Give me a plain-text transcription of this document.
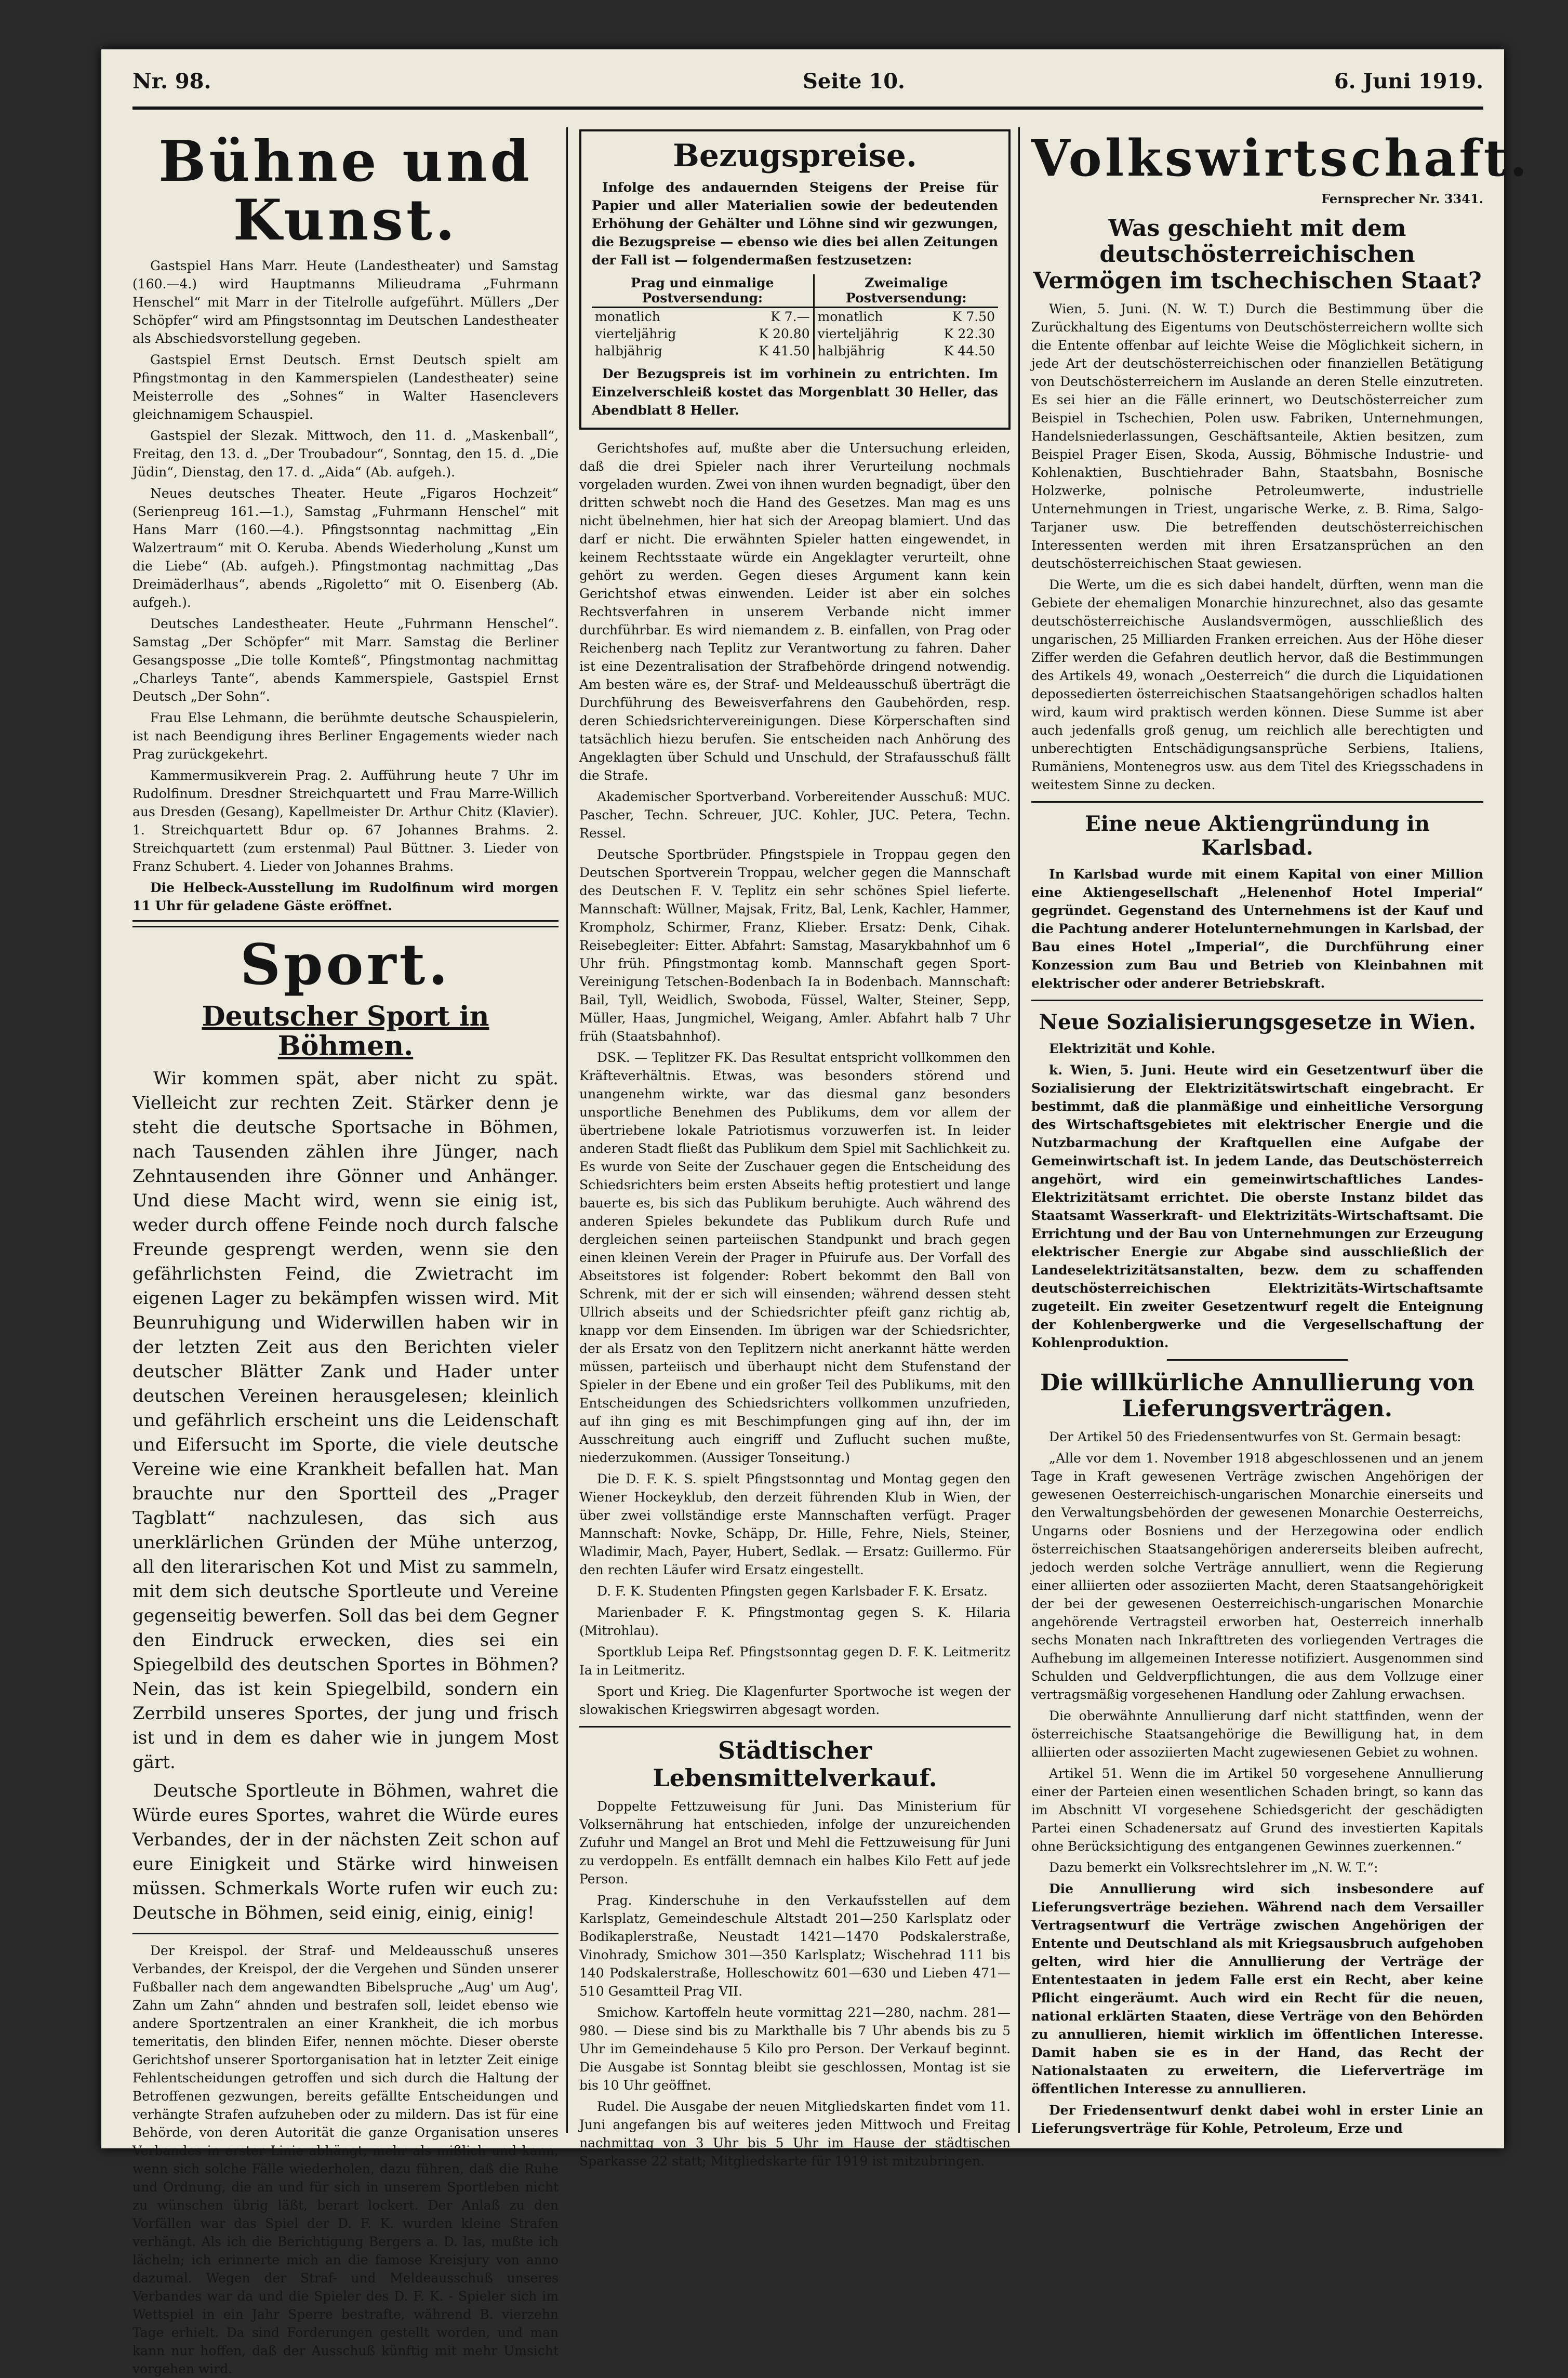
Nr. 98.	Seite 10.	6. Juni 1919.
Bühne und Kunst.

Gastspiel Hans Marr. Heute (Landestheater) und Samstag (160.—4.) wird Hauptmanns Milieudrama „Fuhrmann Henschel“ mit Marr in der Titelrolle aufgeführt. Müllers „Der Schöpfer“ wird am Pfingstsonntag im Deutschen Landestheater als Abschiedsvorstellung gegeben.

Gastspiel Ernst Deutsch. Ernst Deutsch spielt am Pfingstmontag in den Kammerspielen (Landestheater) seine Meisterrolle des „Sohnes“ in Walter Hasenclevers gleichnamigem Schauspiel.

Gastspiel der Slezak. Mittwoch, den 11. d. „Maskenball“, Freitag, den 13. d. „Der Troubadour“, Sonntag, den 15. d. „Die Jüdin“, Dienstag, den 17. d. „Aida“ (Ab. aufgeh.).

Neues deutsches Theater. Heute „Figaros Hochzeit“ (Serienpreug 161.—1.), Samstag „Fuhrmann Henschel“ mit Hans Marr (160.—4.). Pfingstsonntag nachmittag „Ein Walzertraum“ mit O. Keruba. Abends Wiederholung „Kunst um die Liebe“ (Ab. aufgeh.). Pfingstmontag nachmittag „Das Dreimäderlhaus“, abends „Rigoletto“ mit O. Eisenberg (Ab. aufgeh.).

Deutsches Landestheater. Heute „Fuhrmann Henschel“. Samstag „Der Schöpfer“ mit Marr. Samstag die Berliner Gesangsposse „Die tolle Komteß“, Pfingstmontag nachmittag „Charleys Tante“, abends Kammerspiele, Gastspiel Ernst Deutsch „Der Sohn“.

Frau Else Lehmann, die berühmte deutsche Schauspielerin, ist nach Beendigung ihres Berliner Engagements wieder nach Prag zurückgekehrt.

Kammermusikverein Prag. 2. Aufführung heute 7 Uhr im Rudolfinum. Dresdner Streichquartett und Frau Marre-Willich aus Dresden (Gesang), Kapellmeister Dr. Arthur Chitz (Klavier). 1. Streichquartett Bdur op. 67 Johannes Brahms. 2. Streichquartett (zum erstenmal) Paul Büttner. 3. Lieder von Franz Schubert. 4. Lieder von Johannes Brahms.

Die Helbeck-Ausstellung im Rudolfinum wird morgen 11 Uhr für geladene Gäste eröffnet.

Sport.
Deutscher Sport in Böhmen.

Wir kommen spät, aber nicht zu spät. Vielleicht zur rechten Zeit. Stärker denn je steht die deutsche Sportsache in Böhmen, nach Tausenden zählen ihre Jünger, nach Zehntausenden ihre Gönner und Anhänger. Und diese Macht wird, wenn sie einig ist, weder durch offene Feinde noch durch falsche Freunde gesprengt werden, wenn sie den gefährlichsten Feind, die Zwietracht im eigenen Lager zu bekämpfen wissen wird. Mit Beunruhigung und Widerwillen haben wir in der letzten Zeit aus den Berichten vieler deutscher Blätter Zank und Hader unter deutschen Vereinen herausgelesen; kleinlich und gefährlich erscheint uns die Leidenschaft und Eifersucht im Sporte, die viele deutsche Vereine wie eine Krankheit befallen hat. Man brauchte nur den Sportteil des „Prager Tagblatt“ nachzulesen, das sich aus unerklärlichen Gründen der Mühe unterzog, all den literarischen Kot und Mist zu sammeln, mit dem sich deutsche Sportleute und Vereine gegenseitig bewerfen. Soll das bei dem Gegner den Eindruck erwecken, dies sei ein Spiegelbild des deutschen Sportes in Böhmen? Nein, das ist kein Spiegelbild, sondern ein Zerrbild unseres Sportes, der jung und frisch ist und in dem es daher wie in jungem Most gärt.

Deutsche Sportleute in Böhmen, wahret die Würde eures Sportes, wahret die Würde eures Verbandes, der in der nächsten Zeit schon auf eure Einigkeit und Stärke wird hinweisen müssen. Schmerkals Worte rufen wir euch zu: Deutsche in Böhmen, seid einig, einig, einig!

Der Kreispol. der Straf- und Meldeausschuß unseres Verbandes, der Kreispol, der die Vergehen und Sünden unserer Fußballer nach dem angewandten Bibelspruche „Aug' um Aug', Zahn um Zahn“ ahnden und bestrafen soll, leidet ebenso wie andere Sportzentralen an einer Krankheit, die ich morbus temeritatis, den blinden Eifer, nennen möchte. Dieser oberste Gerichtshof unserer Sportorganisation hat in letzter Zeit einige Fehlentscheidungen getroffen und sich durch die Haltung der Betroffenen gezwungen, bereits gefällte Entscheidungen und verhängte Strafen aufzuheben oder zu mildern. Das ist für eine Behörde, von deren Autorität die ganze Organisation unseres Verbandes in erster Linie abhängt, mehr als mißlich und kann, wenn sich solche Fälle wiederholen, dazu führen, daß die Ruhe und Ordnung, die an und für sich in unserem Sportleben nicht zu wünschen übrig läßt, berart lockert. Der Anlaß zu den Vorfällen war das Spiel der D. F. K. wurden kleine Strafen verhängt. Als ich die Berichtigung Bergers a. D. las, mußte ich lächeln; ich erinnerte mich an die famose Kreisjury von anno dazumal. Wegen der Straf- und Meldeausschuß unseres Verbandes war da und die Spieler des D. F. K. - Spieler sich im Wettspiel in ein Jahr Sperre bestrafte, während B. vierzehn Tage erhielt. Da sind Forderungen gestellt worden, und man kann nur hoffen, daß der Ausschuß künftig mit mehr Umsicht vorgehen wird.

Bezugspreise.

Infolge des andauernden Steigens der Preise für Papier und aller Materialien sowie der bedeutenden Erhöhung der Gehälter und Löhne sind wir gezwungen, die Bezugspreise — ebenso wie dies bei allen Zeitungen der Fall ist — folgendermaßen festzusetzen:

Prag und einmalige Postversendung:		Zweimalige Postversendung:	
monatlich	K 7.—	monatlich	K 7.50
vierteljährig	K 20.80	vierteljährig	K 22.30
halbjährig	K 41.50	halbjährig	K 44.50

Der Bezugspreis ist im vorhinein zu entrichten. Im Einzelverschleiß kostet das Morgenblatt 30 Heller, das Abendblatt 8 Heller.

Gerichtshofes auf, mußte aber die Untersuchung erleiden, daß die drei Spieler nach ihrer Verurteilung nochmals vorgeladen wurden. Zwei von ihnen wurden begnadigt, über den dritten schwebt noch die Hand des Gesetzes. Man mag es uns nicht übelnehmen, hier hat sich der Areopag blamiert. Und das darf er nicht. Die erwähnten Spieler hatten eingewendet, in keinem Rechtsstaate würde ein Angeklagter verurteilt, ohne gehört zu werden. Gegen dieses Argument kann kein Gerichtshof etwas einwenden. Leider ist aber ein solches Rechtsverfahren in unserem Verbande nicht immer durchführbar. Es wird niemandem z. B. einfallen, von Prag oder Reichenberg nach Teplitz zur Verantwortung zu fahren. Daher ist eine Dezentralisation der Strafbehörde dringend notwendig. Am besten wäre es, der Straf- und Meldeausschuß überträgt die Durchführung des Beweisverfahrens den Gaubehörden, resp. deren Schiedsrichtervereinigungen. Diese Körperschaften sind tatsächlich hiezu berufen. Sie entscheiden nach Anhörung des Angeklagten über Schuld und Unschuld, der Strafausschuß fällt die Strafe.

Akademischer Sportverband. Vorbereitender Ausschuß: MUC. Pascher, Techn. Schreuer, JUC. Kohler, JUC. Petera, Techn. Ressel.

Deutsche Sportbrüder. Pfingstspiele in Troppau gegen den Deutschen Sportverein Troppau, welcher gegen die Mannschaft des Deutschen F. V. Teplitz ein sehr schönes Spiel lieferte. Mannschaft: Wüllner, Majsak, Fritz, Bal, Lenk, Kachler, Hammer, Krompholz, Schirmer, Franz, Klieber. Ersatz: Denk, Cihak. Reisebegleiter: Eitter. Abfahrt: Samstag, Masarykbahnhof um 6 Uhr früh. Pfingstmontag komb. Mannschaft gegen Sport-Vereinigung Tetschen-Bodenbach Ia in Bodenbach. Mannschaft: Bail, Tyll, Weidlich, Swoboda, Füssel, Walter, Steiner, Sepp, Müller, Haas, Jungmichel, Weigang, Amler. Abfahrt halb 7 Uhr früh (Staatsbahnhof).

DSK. — Teplitzer FK. Das Resultat entspricht vollkommen den Kräfteverhältnis. Etwas, was besonders störend und unangenehm wirkte, war das diesmal ganz besonders unsportliche Benehmen des Publikums, dem vor allem der übertriebene lokale Patriotismus vorzuwerfen ist. In leider anderen Stadt fließt das Publikum dem Spiel mit Sachlichkeit zu. Es wurde von Seite der Zuschauer gegen die Entscheidung des Schiedsrichters beim ersten Abseits heftig protestiert und lange bauerte es, bis sich das Publikum beruhigte. Auch während des anderen Spieles bekundete das Publikum durch Rufe und dergleichen seinen parteiischen Standpunkt und brach gegen einen kleinen Verein der Prager in Pfuirufe aus. Der Vorfall des Abseitstores ist folgender: Robert bekommt den Ball von Schrenk, mit der er sich will einsenden; während dessen steht Ullrich abseits und der Schiedsrichter pfeift ganz richtig ab, knapp vor dem Einsenden. Im übrigen war der Schiedsrichter, der als Ersatz von den Teplitzern nicht anerkannt hätte werden müssen, parteiisch und überhaupt nicht dem Stufenstand der Spieler in der Ebene und ein großer Teil des Publikums, mit den Entscheidungen des Schiedsrichters vollkommen unzufrieden, auf ihn ging es mit Beschimpfungen ging auf ihn, der im Ausschreitung auch eingriff und Zuflucht suchen mußte, niederzukommen. (Aussiger Tonseitung.)

Die D. F. K. S. spielt Pfingstsonntag und Montag gegen den Wiener Hockeyklub, den derzeit führenden Klub in Wien, der über zwei vollständige erste Mannschaften verfügt. Prager Mannschaft: Novke, Schäpp, Dr. Hille, Fehre, Niels, Steiner, Wladimir, Mach, Payer, Hubert, Sedlak. — Ersatz: Guillermo. Für den rechten Läufer wird Ersatz eingestellt.

D. F. K. Studenten Pfingsten gegen Karlsbader F. K. Ersatz.

Marienbader F. K. Pfingstmontag gegen S. K. Hilaria (Mitrohlau).

Sportklub Leipa Ref. Pfingstsonntag gegen D. F. K. Leitmeritz Ia in Leitmeritz.

Sport und Krieg. Die Klagenfurter Sportwoche ist wegen der slowakischen Kriegswirren abgesagt worden.

Städtischer Lebensmittelverkauf.

Doppelte Fettzuweisung für Juni. Das Ministerium für Volksernährung hat entschieden, infolge der unzureichenden Zufuhr und Mangel an Brot und Mehl die Fettzuweisung für Juni zu verdoppeln. Es entfällt demnach ein halbes Kilo Fett auf jede Person.

Prag. Kinderschuhe in den Verkaufsstellen auf dem Karlsplatz, Gemeindeschule Altstadt 201—250 Karlsplatz oder Bodikaplerstraße, Neustadt 1421—1470 Podskalerstraße, Vinohrady, Smichow 301—350 Karlsplatz; Wischehrad 111 bis 140 Podskalerstraße, Holleschowitz 601—630 und Lieben 471—510 Gesamtteil Prag VII.

Smichow. Kartoffeln heute vormittag 221—280, nachm. 281—980. — Diese sind bis zu Markthalle bis 7 Uhr abends bis zu 5 Uhr im Gemeindehause 5 Kilo pro Person. Der Verkauf beginnt. Die Ausgabe ist Sonntag bleibt sie geschlossen, Montag ist sie bis 10 Uhr geöffnet.

Rudel. Die Ausgabe der neuen Mitgliedskarten findet vom 11. Juni angefangen bis auf weiteres jeden Mittwoch und Freitag nachmittag von 3 Uhr bis 5 Uhr im Hause der städtischen Sparkasse 22 statt; Mitgliedskarte für 1919 ist mitzubringen.

Volkswirtschaft.
Fernsprecher Nr. 3341.
Was geschieht mit dem deutschösterreichischen Vermögen im tschechischen Staat?

Wien, 5. Juni. (N. W. T.) Durch die Bestimmung über die Zurückhaltung des Eigentums von Deutschösterreichern wollte sich die Entente offenbar auf leichte Weise die Möglichkeit sichern, in jede Art der deutschösterreichischen oder finanziellen Betätigung von Deutschösterreichern im Auslande an deren Stelle einzutreten. Es sei hier an die Fälle erinnert, wo Deutschösterreicher zum Beispiel in Tschechien, Polen usw. Fabriken, Unternehmungen, Handelsniederlassungen, Geschäftsanteile, Aktien besitzen, zum Beispiel Prager Eisen, Skoda, Aussig, Böhmische Industrie- und Kohlenaktien, Buschtiehrader Bahn, Staatsbahn, Bosnische Holzwerke, polnische Petroleumwerte, industrielle Unternehmungen in Triest, ungarische Werke, z. B. Rima, Salgo-Tarjaner usw. Die betreffenden deutschösterreichischen Interessenten werden mit ihren Ersatzansprüchen an den deutschösterreichischen Staat gewiesen.

Die Werte, um die es sich dabei handelt, dürften, wenn man die Gebiete der ehemaligen Monarchie hinzurechnet, also das gesamte deutschösterreichische Auslandsvermögen, ausschließlich des ungarischen, 25 Milliarden Franken erreichen. Aus der Höhe dieser Ziffer werden die Gefahren deutlich hervor, daß die Bestimmungen des Artikels 49, wonach „Oesterreich“ die durch die Liquidationen depossedierten österreichischen Staatsangehörigen schadlos halten wird, kaum wird praktisch werden können. Diese Summe ist aber auch jedenfalls groß genug, um reichlich alle berechtigten und unberechtigten Entschädigungsansprüche Serbiens, Italiens, Rumäniens, Montenegros usw. aus dem Titel des Kriegsschadens in weitestem Sinne zu decken.

Eine neue Aktiengründung in Karlsbad.

In Karlsbad wurde mit einem Kapital von einer Million eine Aktiengesellschaft „Helenenhof Hotel Imperial“ gegründet. Gegenstand des Unternehmens ist der Kauf und die Pachtung anderer Hotelunternehmungen in Karlsbad, der Bau eines Hotel „Imperial“, die Durchführung einer Konzession zum Bau und Betrieb von Kleinbahnen mit elektrischer oder anderer Betriebskraft.

Neue Sozialisierungsgesetze in Wien.

Elektrizität und Kohle.

k. Wien, 5. Juni. Heute wird ein Gesetzentwurf über die Sozialisierung der Elektrizitätswirtschaft eingebracht. Er bestimmt, daß die planmäßige und einheitliche Versorgung des Wirtschaftsgebietes mit elektrischer Energie und die Nutzbarmachung der Kraftquellen eine Aufgabe der Gemeinwirtschaft ist. In jedem Lande, das Deutschösterreich angehört, wird ein gemeinwirtschaftliches Landes-Elektrizitätsamt errichtet. Die oberste Instanz bildet das Staatsamt Wasserkraft- und Elektrizitäts-Wirtschaftsamt. Die Errichtung und der Bau von Unternehmungen zur Erzeugung elektrischer Energie zur Abgabe sind ausschließlich der Landeselektrizitätsanstalten, bezw. dem zu schaffenden deutschösterreichischen Elektrizitäts-Wirtschaftsamte zugeteilt. Ein zweiter Gesetzentwurf regelt die Enteignung der Kohlenbergwerke und die Vergesellschaftung der Kohlenproduktion.

Die willkürliche Annullierung von Lieferungsverträgen.

Der Artikel 50 des Friedensentwurfes von St. Germain besagt:

„Alle vor dem 1. November 1918 abgeschlossenen und an jenem Tage in Kraft gewesenen Verträge zwischen Angehörigen der gewesenen Oesterreichisch-ungarischen Monarchie einerseits und den Verwaltungsbehörden der gewesenen Monarchie Oesterreichs, Ungarns oder Bosniens und der Herzegowina oder endlich österreichischen Staatsangehörigen andererseits bleiben aufrecht, jedoch werden solche Verträge annulliert, wenn die Regierung einer alliierten oder assoziierten Macht, deren Staatsangehörigkeit der bei der gewesenen Oesterreichisch-ungarischen Monarchie angehörende Vertragsteil erworben hat, Oesterreich innerhalb sechs Monaten nach Inkrafttreten des vorliegenden Vertrages die Aufhebung im allgemeinen Interesse notifiziert. Ausgenommen sind Schulden und Geldverpflichtungen, die aus dem Vollzuge einer vertragsmäßig vorgesehenen Handlung oder Zahlung erwachsen.

Die oberwähnte Annullierung darf nicht stattfinden, wenn der österreichische Staatsangehörige die Bewilligung hat, in dem alliierten oder assoziierten Macht zugewiesenen Gebiet zu wohnen.

Artikel 51. Wenn die im Artikel 50 vorgesehene Annullierung einer der Parteien einen wesentlichen Schaden bringt, so kann das im Abschnitt VI vorgesehene Schiedsgericht der geschädigten Partei einen Schadenersatz auf Grund des investierten Kapitals ohne Berücksichtigung des entgangenen Gewinnes zuerkennen.“

Dazu bemerkt ein Volksrechtslehrer im „N. W. T.“:

Die Annullierung wird sich insbesondere auf Lieferungsverträge beziehen. Während nach dem Versailler Vertragsentwurf die Verträge zwischen Angehörigen der Entente und Deutschland als mit Kriegsausbruch aufgehoben gelten, wird hier die Annullierung der Verträge der Ententestaaten in jedem Falle erst ein Recht, aber keine Pflicht eingeräumt. Auch wird ein Recht für die neuen, national erklärten Staaten, diese Verträge von den Behörden zu annullieren, hiemit wirklich im öffentlichen Interesse. Damit haben sie es in der Hand, das Recht der Nationalstaaten zu erweitern, die Lieferverträge im öffentlichen Interesse zu annullieren.

Der Friedensentwurf denkt dabei wohl in erster Linie an Lieferungsverträge für Kohle, Petroleum, Erze und
